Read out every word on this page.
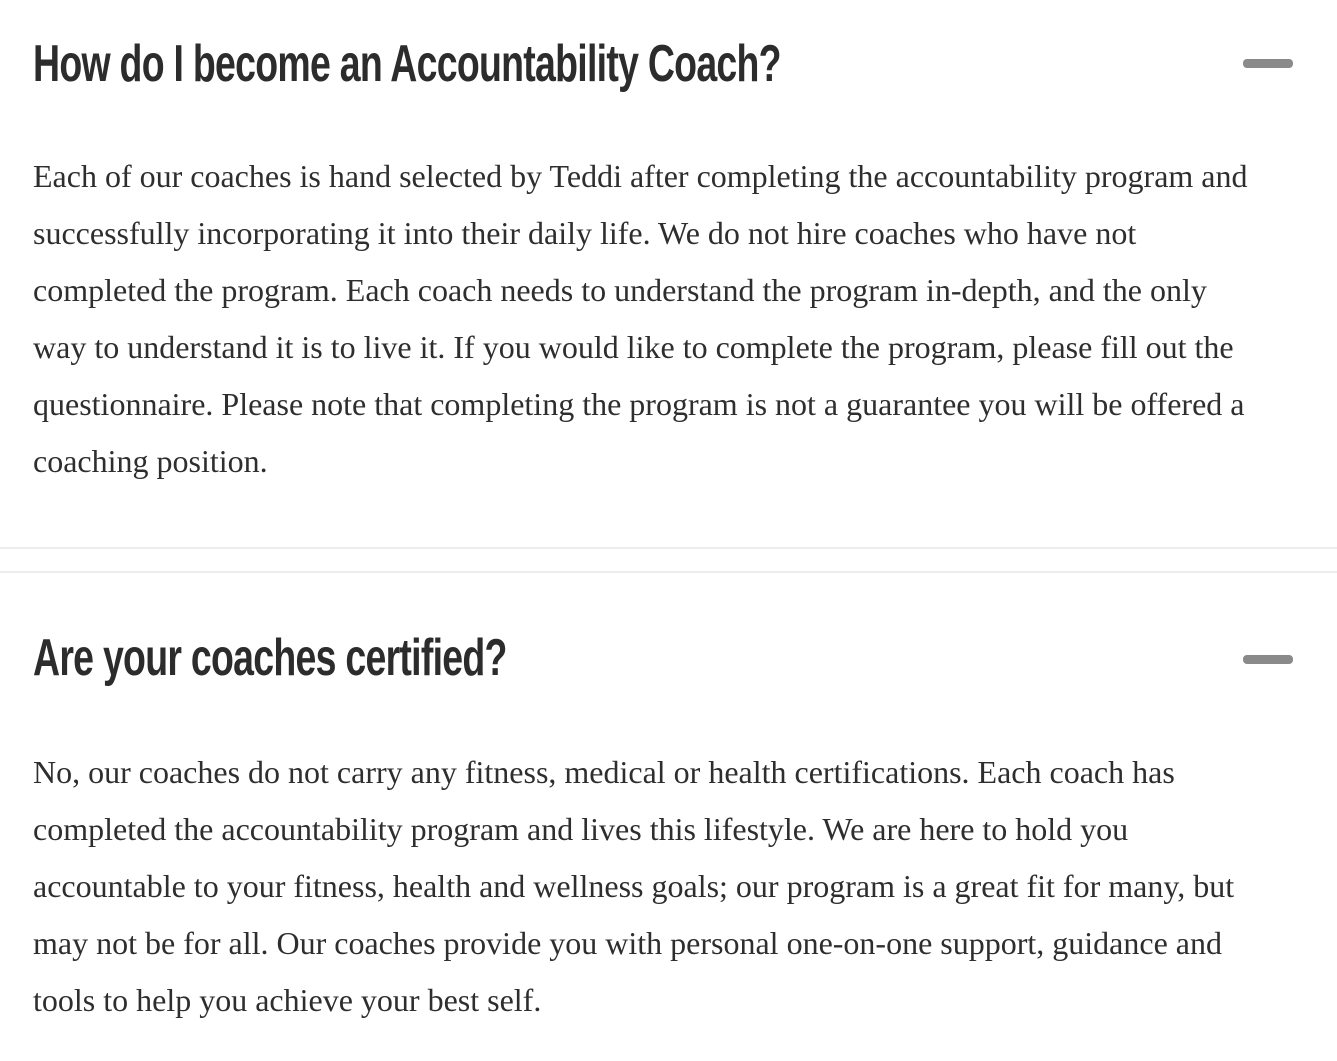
How do I become an Accountability Coach?

Each of our coaches is hand selected by Teddi after completing the accountability program and successfully incorporating it into their daily life. We do not hire coaches who have not completed the program. Each coach needs to understand the program in-depth, and the only way to understand it is to live it. If you would like to complete the program, please fill out the questionnaire. Please note that completing the program is not a guarantee you will be offered a coaching position.

Are your coaches certified?

No, our coaches do not carry any fitness, medical or health certifications. Each coach has completed the accountability program and lives this lifestyle. We are here to hold you accountable to your fitness, health and wellness goals; our program is a great fit for many, but may not be for all. Our coaches provide you with personal one-on-one support, guidance and tools to help you achieve your best self.
